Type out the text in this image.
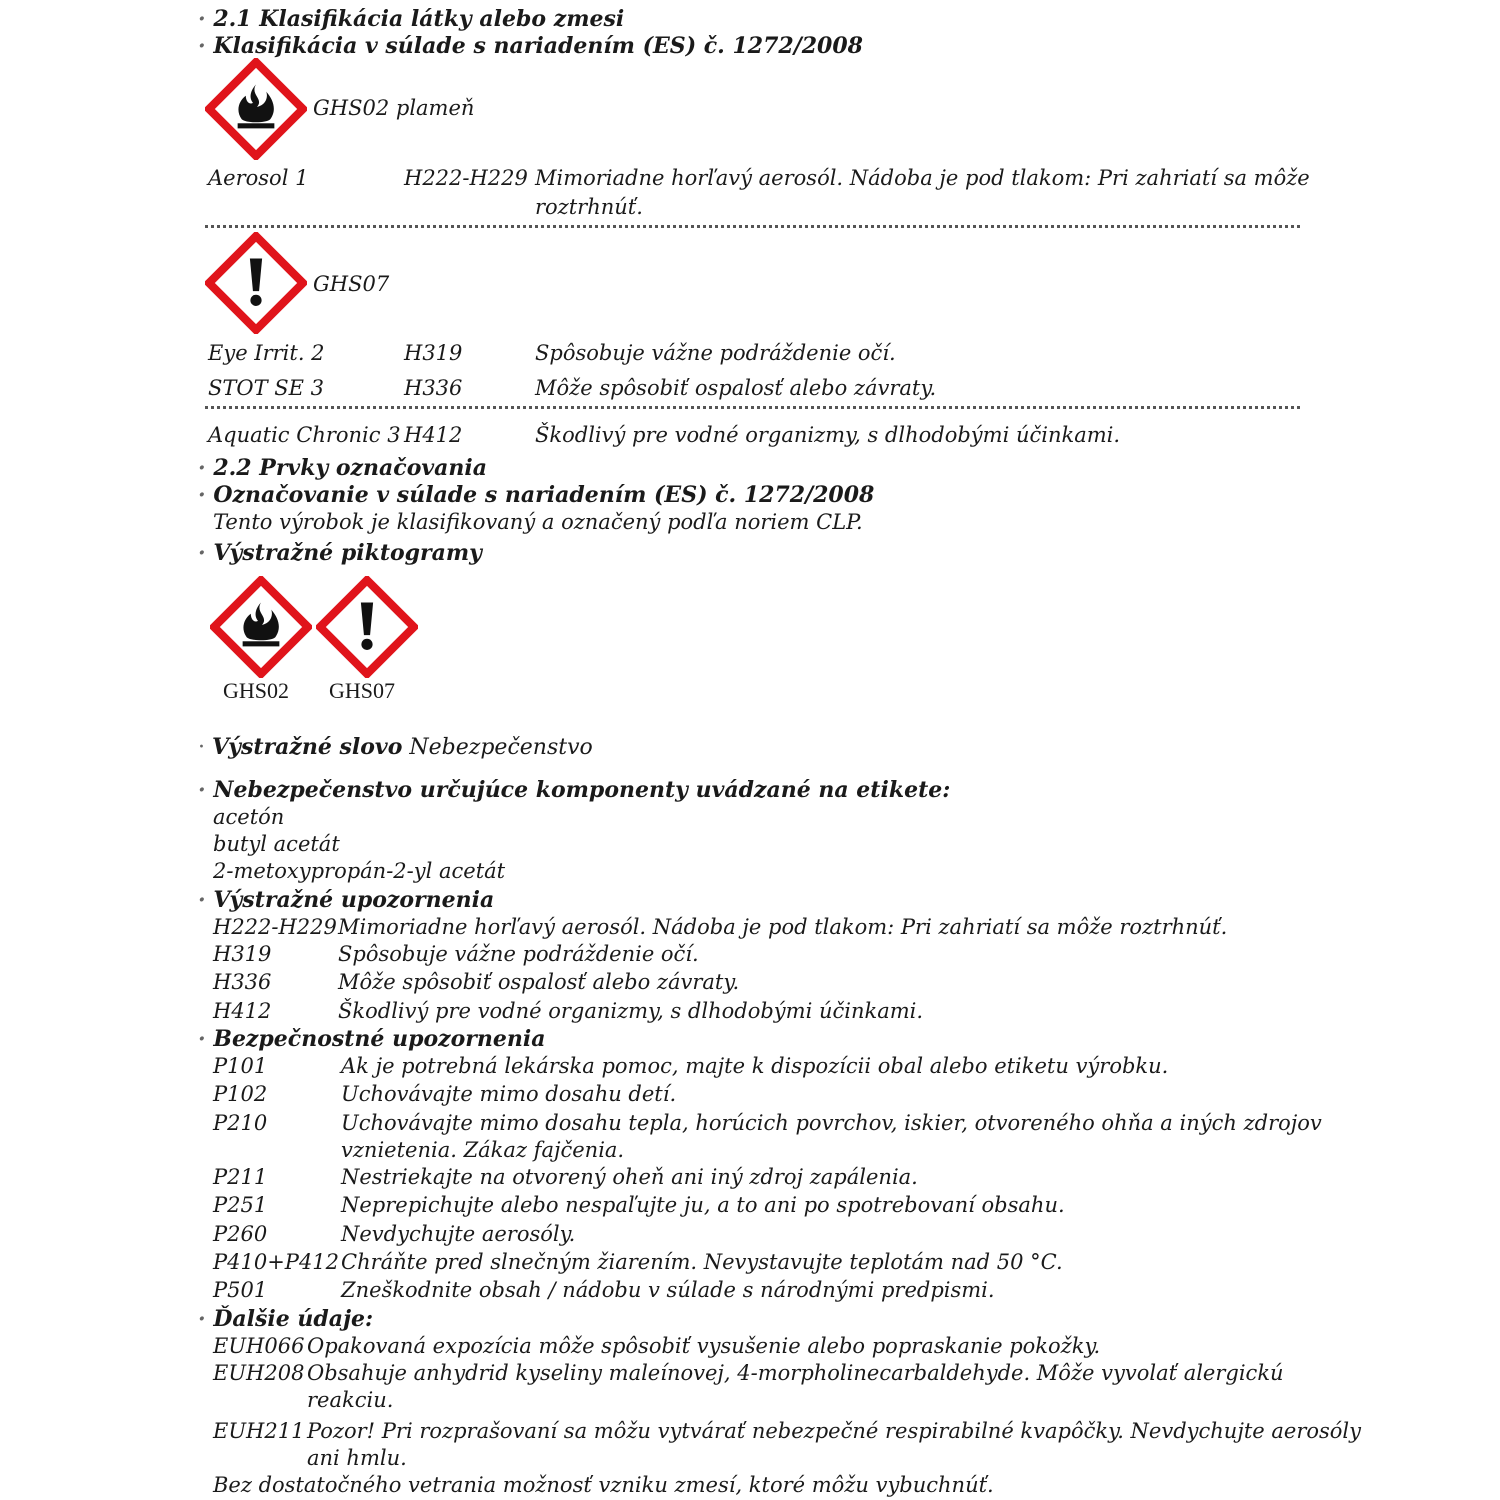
· 2.1 Klasifikácia látky alebo zmesi
· Klasifikácia v súlade s nariadením (ES) č. 1272/2008
GHS02 plameň
Aerosol 1	H222-H229 Mimoriadne horľavý aerosól. Nádoba je pod tlakom: Pri zahriatí sa môže
roztrhnúť.
GHS07
Eye Irrit. 2	H319	Spôsobuje vážne podráždenie očí.
STOT SE 3	H336	Môže spôsobiť ospalosť alebo závraty.
Aquatic Chronic 3 H412	Škodlivý pre vodné organizmy, s dlhodobými účinkami.
· 2.2 Prvky označovania
· Označovanie v súlade s nariadením (ES) č. 1272/2008
Tento výrobok je klasifikovaný a označený podľa noriem CLP.
· Výstražné piktogramy
GHS02 GHS07
· Výstražné slovo Nebezpečenstvo
· Nebezpečenstvo určujúce komponenty uvádzané na etikete:
acetón
butyl acetát
2-metoxypropán-2-yl acetát
· Výstražné upozornenia
H222-H229 Mimoriadne horľavý aerosól. Nádoba je pod tlakom: Pri zahriatí sa môže roztrhnúť.
H319	Spôsobuje vážne podráždenie očí.
H336	Môže spôsobiť ospalosť alebo závraty.
H412	Škodlivý pre vodné organizmy, s dlhodobými účinkami.
· Bezpečnostné upozornenia
P101	Ak je potrebná lekárska pomoc, majte k dispozícii obal alebo etiketu výrobku.
P102	Uchovávajte mimo dosahu detí.
P210	Uchovávajte mimo dosahu tepla, horúcich povrchov, iskier, otvoreného ohňa a iných zdrojov
vznietenia. Zákaz fajčenia.
P211	Nestriekajte na otvorený oheň ani iný zdroj zapálenia.
P251	Neprepichujte alebo nespaľujte ju, a to ani po spotrebovaní obsahu.
P260	Nevdychujte aerosóly.
P410+P412 Chráňte pred slnečným žiarením. Nevystavujte teplotám nad 50 °C.
P501	Zneškodnite obsah / nádobu v súlade s národnými predpismi.
· Ďalšie údaje:
EUH066 Opakovaná expozícia môže spôsobiť vysušenie alebo popraskanie pokožky.
EUH208 Obsahuje anhydrid kyseliny maleínovej, 4-morpholinecarbaldehyde. Môže vyvolať alergickú
reakciu.
EUH211 Pozor! Pri rozprašovaní sa môžu vytvárať nebezpečné respirabilné kvapôčky. Nevdychujte aerosóly
ani hmlu.
Bez dostatočného vetrania možnosť vzniku zmesí, ktoré môžu vybuchnúť.
